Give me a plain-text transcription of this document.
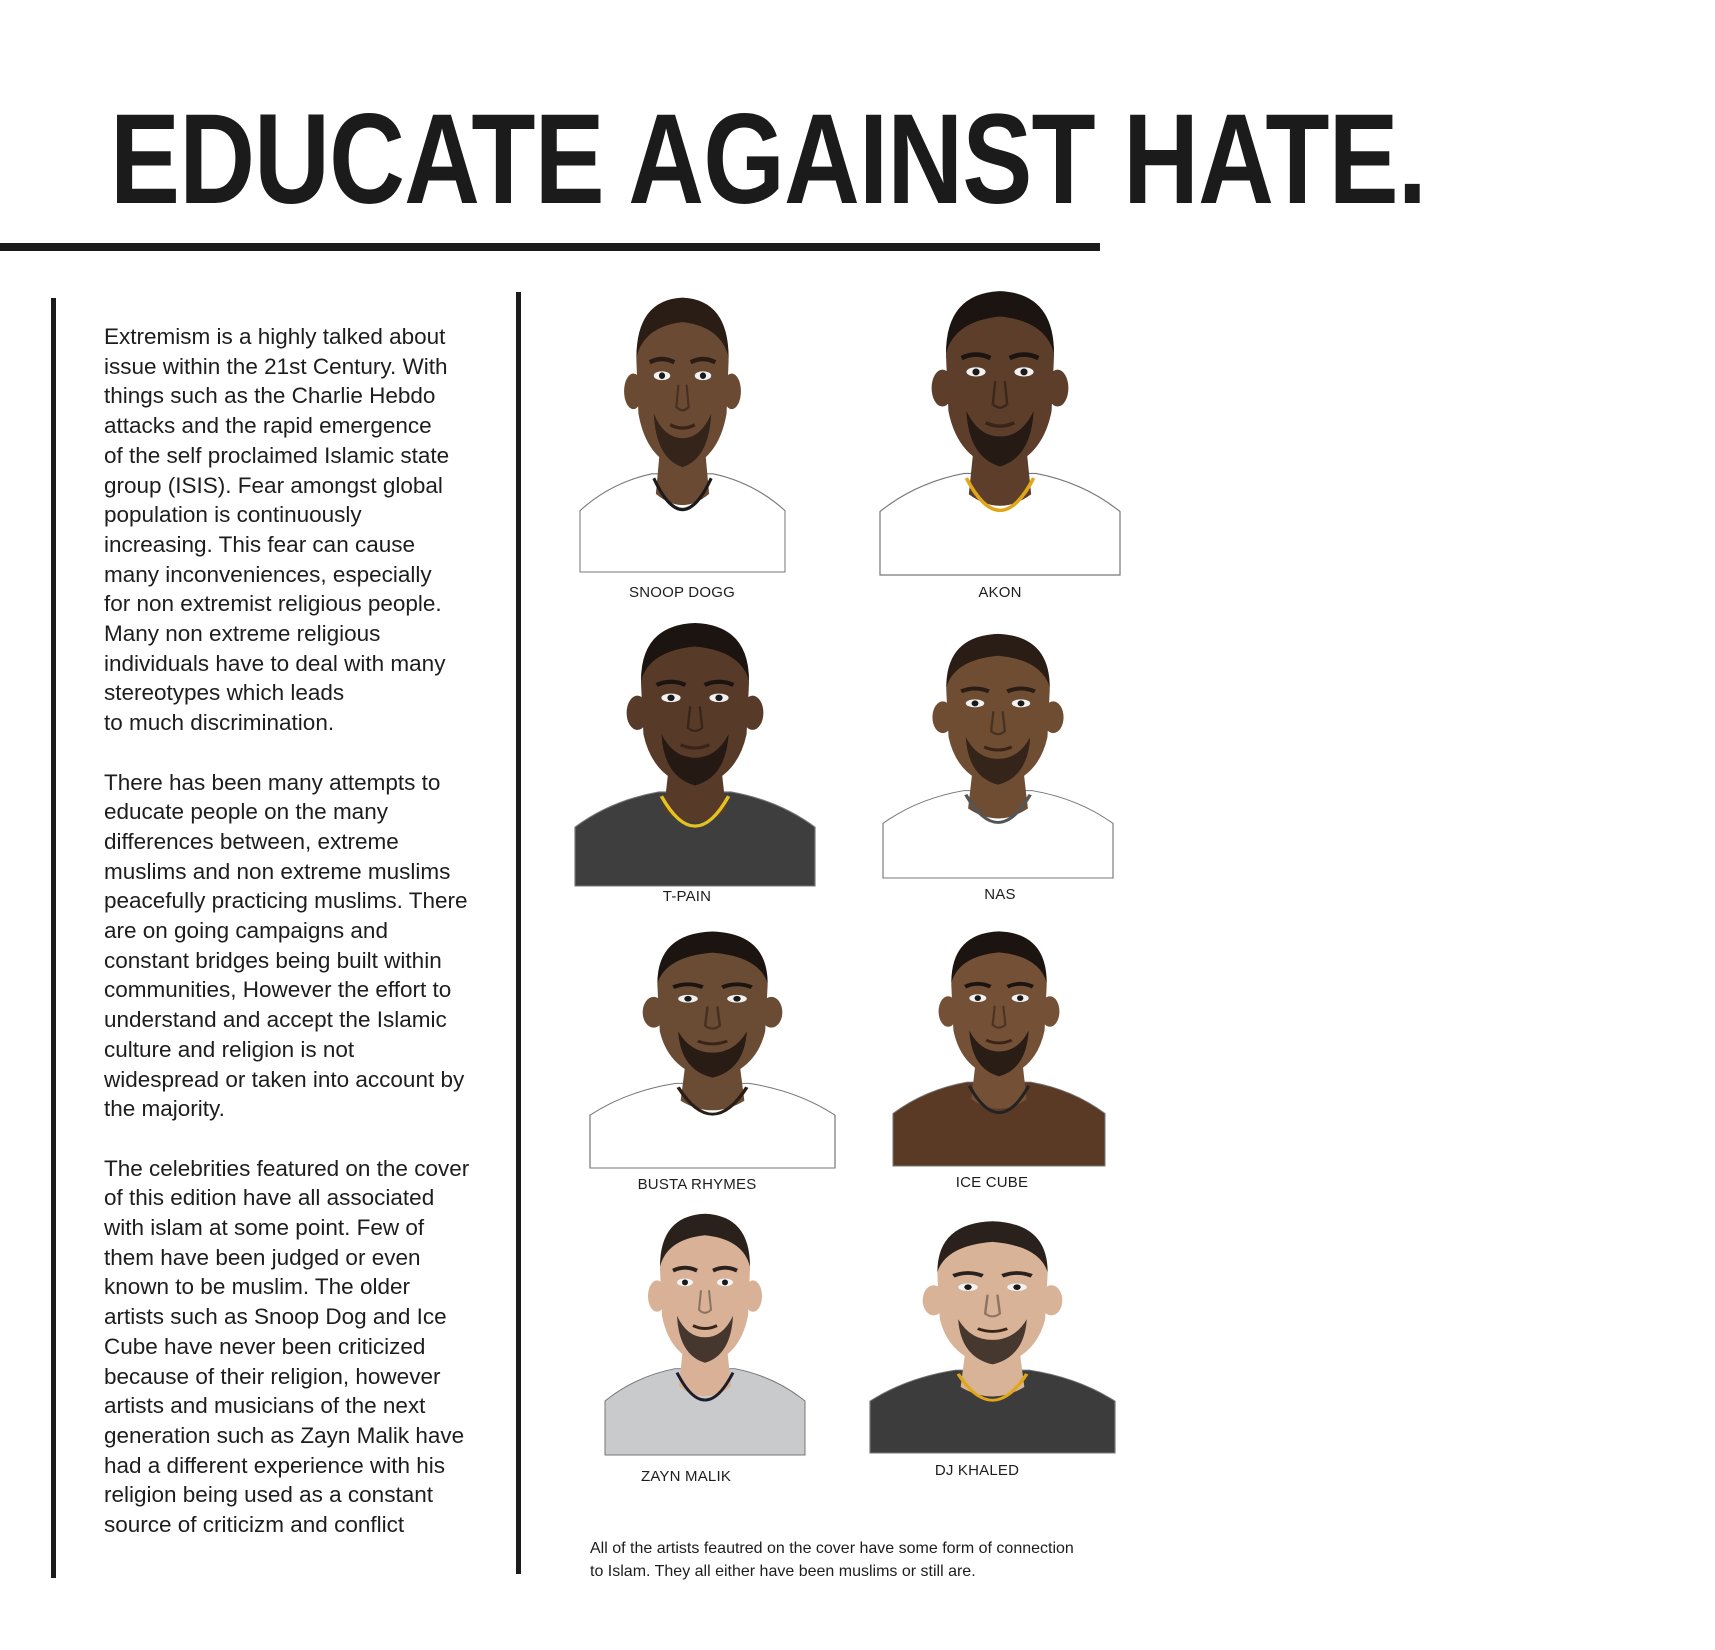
EDUCATE AGAINST HATE.

Extremism is a highly talked about
issue within the 21st Century. With
things such as the Charlie Hebdo
attacks and the rapid emergence
of the self proclaimed Islamic state
group (ISIS). Fear amongst global
population is continuously
increasing. This fear can cause
many inconveniences, especially
for non extremist religious people.
Many non extreme religious
individuals have to deal with many
stereotypes which leads
to much discrimination.

There has been many attempts to
educate people on the many
differences between, extreme
muslims and non extreme muslims
peacefully practicing muslims. There
are on going campaigns and
constant bridges being built within
communities, However the effort to
understand and accept the Islamic
culture and religion is not
widespread or taken into account by
the majority.

The celebrities featured on the cover
of this edition have all associated
with islam at some point. Few of
them have been judged or even
known to be muslim. The older
artists such as Snoop Dog and Ice
Cube have never been criticized
because of their religion, however
artists and musicians of the next
generation such as Zayn Malik have
had a different experience with his
religion being used as a constant
source of criticizm and conflict

SNOOP DOGG	AKON
T-PAIN	NAS
BUSTA RHYMES	ICE CUBE
ZAYN MALIK	DJ KHALED
All of the artists feautred on the cover have some form of connection
to Islam. They all either have been muslims or still are.
